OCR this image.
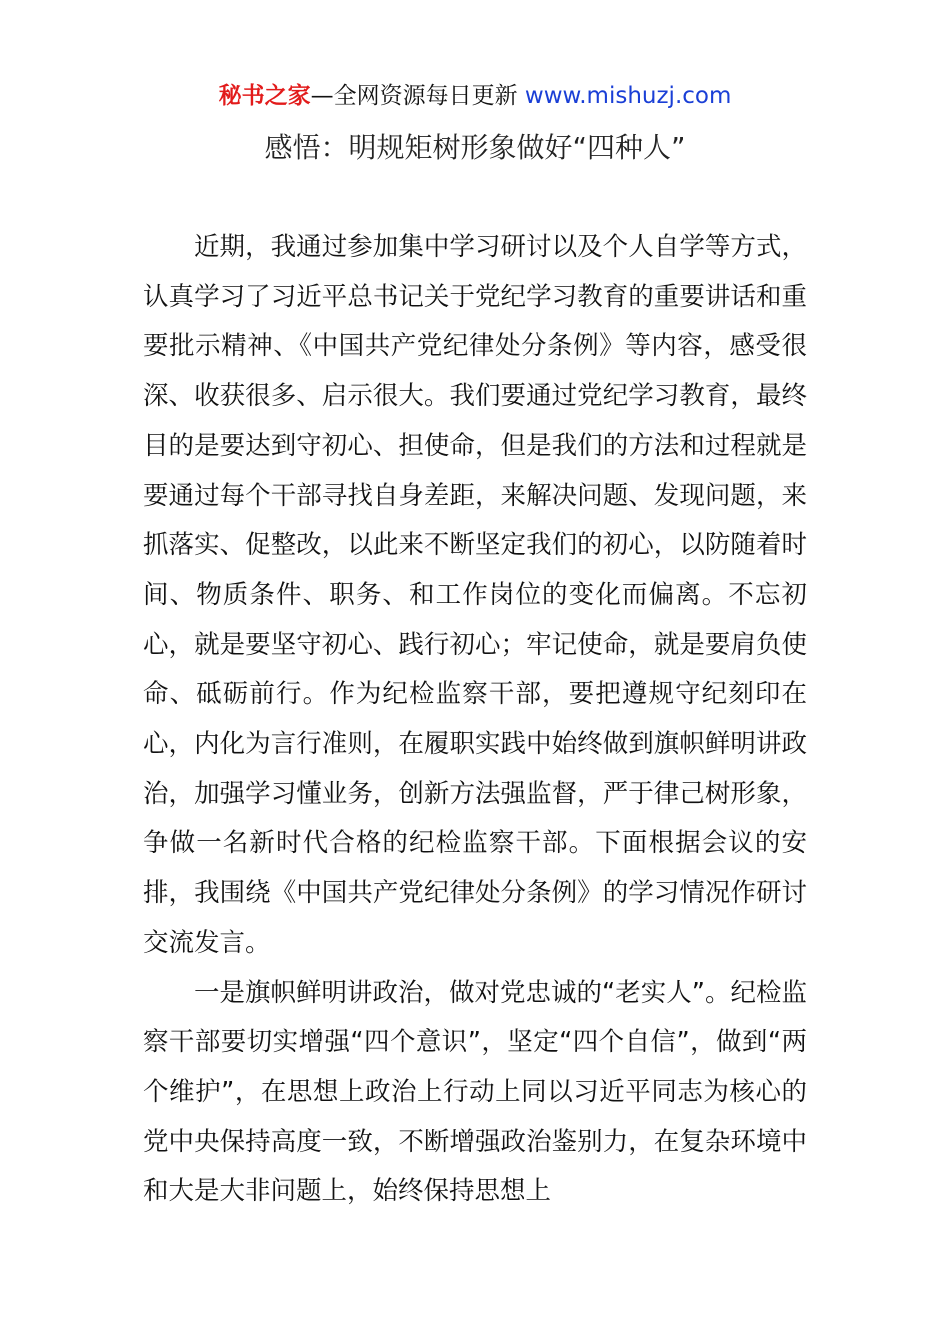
秘书之家—全网资源每日更新 www.mishuzj.com
感悟：明规矩树形象做好“四种人”

近期，我通过参加集中学习研讨以及个人自学等方式，认真学习了习近平总书记关于党纪学习教育的重要讲话和重要批示精神、《中国共产党纪律处分条例》等内容，感受很深、收获很多、启示很大。我们要通过党纪学习教育，最终目的是要达到守初心、担使命，但是我们的方法和过程就是要通过每个干部寻找自身差距，来解决问题、发现问题，来抓落实、促整改，以此来不断坚定我们的初心，以防随着时间、物质条件、职务、和工作岗位的变化而偏离。不忘初心，就是要坚守初心、践行初心；牢记使命，就是要肩负使命、砥砺前行。作为纪检监察干部，要把遵规守纪刻印在心，内化为言行准则，在履职实践中始终做到旗帜鲜明讲政治，加强学习懂业务，创新方法强监督，严于律己树形象，争做一名新时代合格的纪检监察干部。下面根据会议的安排，我围绕《中国共产党纪律处分条例》的学习情况作研讨交流发言。

一是旗帜鲜明讲政治，做对党忠诚的“老实人”。纪检监察干部要切实增强“四个意识”，坚定“四个自信”，做到“两个维护”，在思想上政治上行动上同以习近平同志为核心的党中央保持高度一致，不断增强政治鉴别力，在复杂环境中和大是大非问题上，始终保持思想上
